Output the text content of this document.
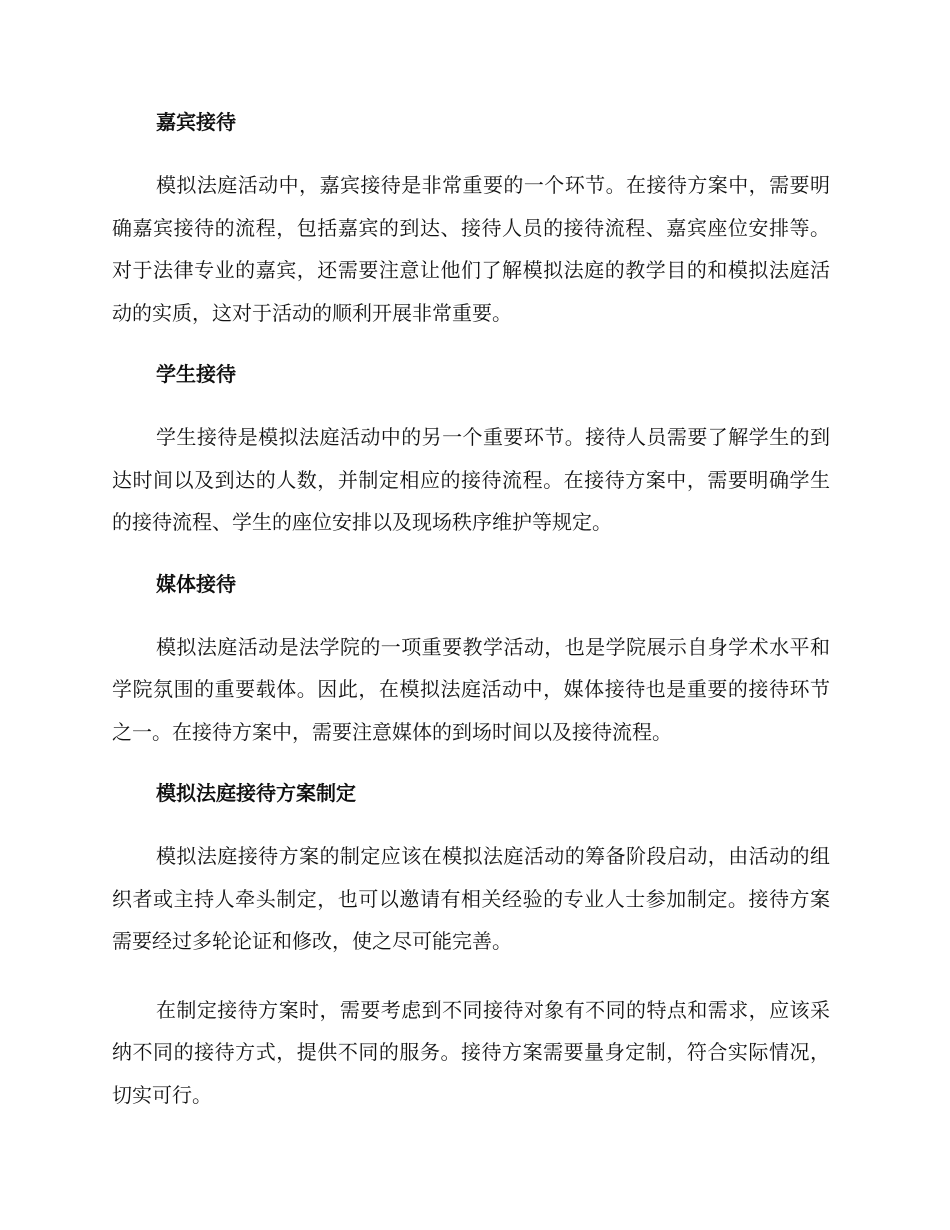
嘉宾接待

模拟法庭活动中，嘉宾接待是非常重要的一个环节。在接待方案中，需要明确嘉宾接待的流程，包括嘉宾的到达、接待人员的接待流程、嘉宾座位安排等。对于法律专业的嘉宾，还需要注意让他们了解模拟法庭的教学目的和模拟法庭活动的实质，这对于活动的顺利开展非常重要。

学生接待

学生接待是模拟法庭活动中的另一个重要环节。接待人员需要了解学生的到达时间以及到达的人数，并制定相应的接待流程。在接待方案中，需要明确学生的接待流程、学生的座位安排以及现场秩序维护等规定。

媒体接待

模拟法庭活动是法学院的一项重要教学活动，也是学院展示自身学术水平和学院氛围的重要载体。因此，在模拟法庭活动中，媒体接待也是重要的接待环节之一。在接待方案中，需要注意媒体的到场时间以及接待流程。

模拟法庭接待方案制定

模拟法庭接待方案的制定应该在模拟法庭活动的筹备阶段启动，由活动的组织者或主持人牵头制定，也可以邀请有相关经验的专业人士参加制定。接待方案需要经过多轮论证和修改，使之尽可能完善。

在制定接待方案时，需要考虑到不同接待对象有不同的特点和需求，应该采纳不同的接待方式，提供不同的服务。接待方案需要量身定制，符合实际情况，切实可行。
